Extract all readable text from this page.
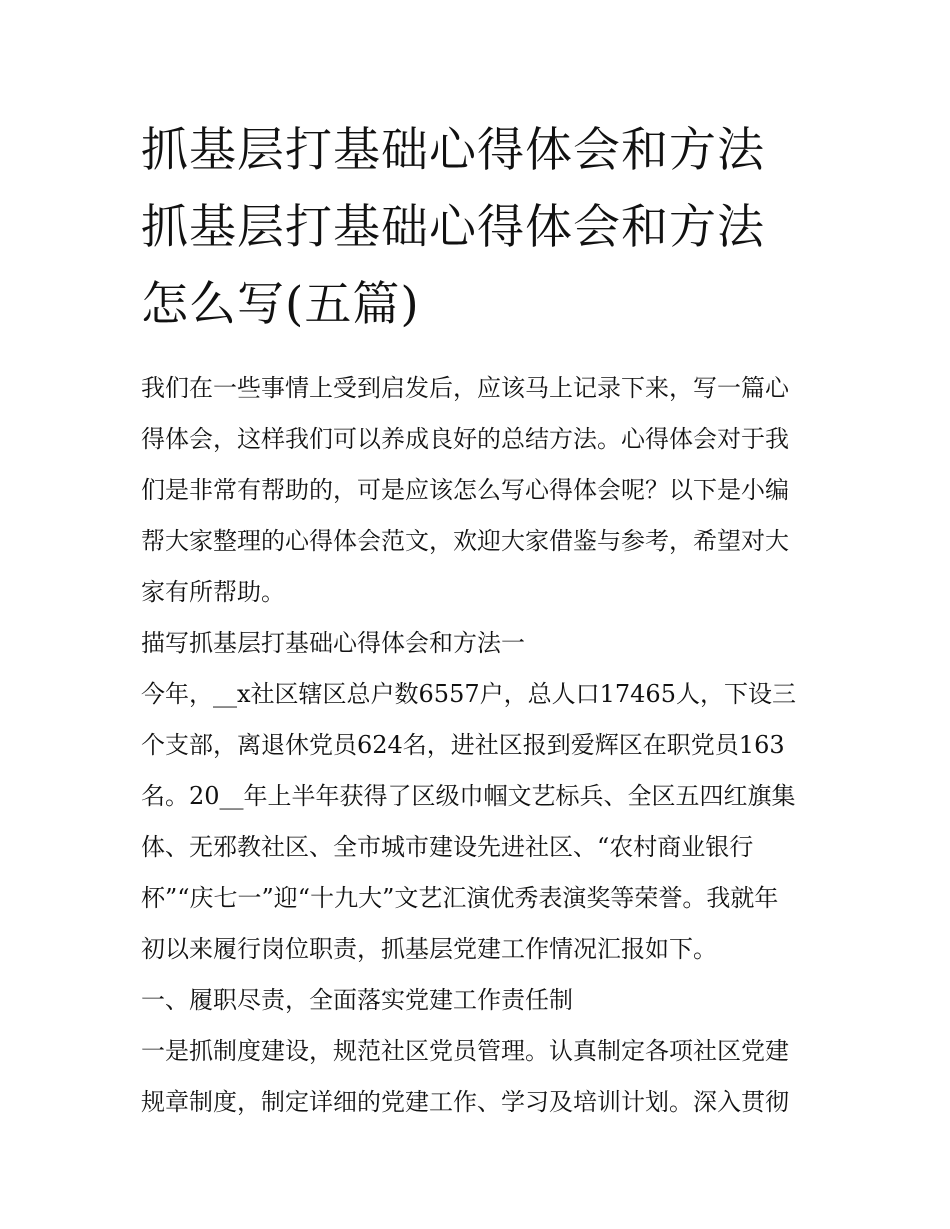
抓基层打基础心得体会和方法
抓基层打基础心得体会和方法
怎么写(五篇)
我们在一些事情上受到启发后，应该马上记录下来，写一篇心
得体会，这样我们可以养成良好的总结方法。心得体会对于我
们是非常有帮助的，可是应该怎么写心得体会呢？以下是小编
帮大家整理的心得体会范文，欢迎大家借鉴与参考，希望对大
家有所帮助。
描写抓基层打基础心得体会和方法一
今年，__x社区辖区总户数6557户，总人口17465人，下设三
个支部，离退休党员624名，进社区报到爱辉区在职党员163
名。20__年上半年获得了区级巾帼文艺标兵、全区五四红旗集
体、无邪教社区、全市城市建设先进社区、“农村商业银行
杯”“庆七一”迎“十九大”文艺汇演优秀表演奖等荣誉。我就年
初以来履行岗位职责，抓基层党建工作情况汇报如下。
一、履职尽责，全面落实党建工作责任制
一是抓制度建设，规范社区党员管理。认真制定各项社区党建
规章制度，制定详细的党建工作、学习及培训计划。深入贯彻
